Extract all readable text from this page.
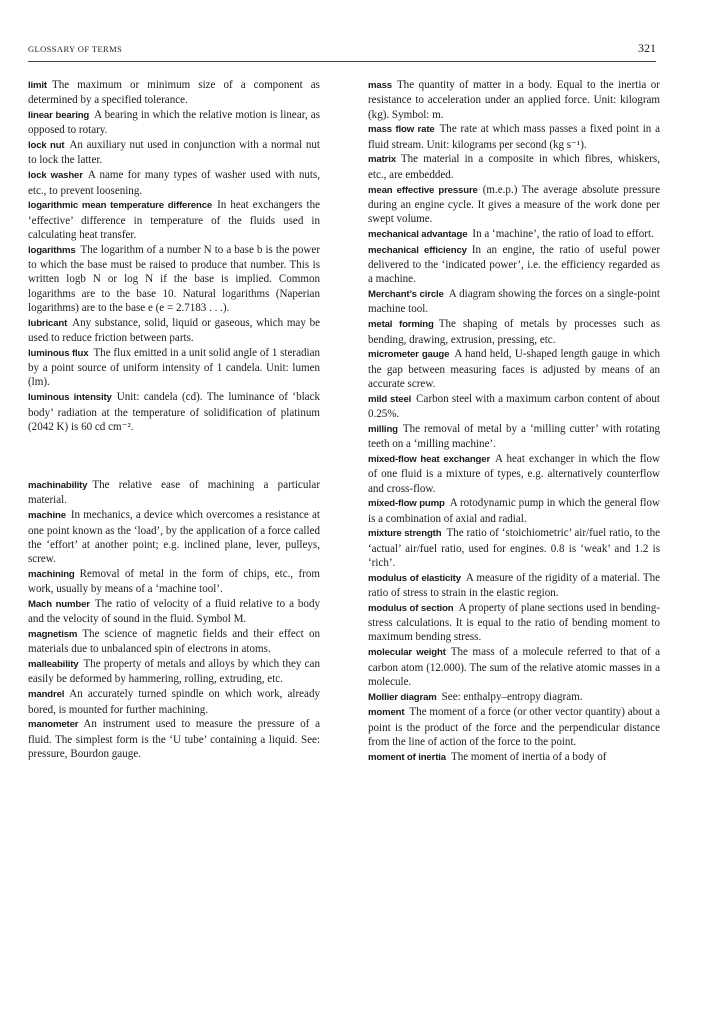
GLOSSARY OF TERMS	321

limit The maximum or minimum size of a component as determined by a specified tolerance.

linear bearing A bearing in which the relative motion is linear, as opposed to rotary.

lock nut An auxiliary nut used in conjunction with a normal nut to lock the latter.

lock washer A name for many types of washer used with nuts, etc., to prevent loosening.

logarithmic mean temperature difference In heat exchangers the ‘effective’ difference in temperature of the fluids used in calculating heat transfer.

logarithms The logarithm of a number N to a base b is the power to which the base must be raised to produce that number. This is written logb N or log N if the base is implied. Common logarithms are to the base 10. Natural logarithms (Naperian logarithms) are to the base e (e = 2.7183 . . .).

lubricant Any substance, solid, liquid or gaseous, which may be used to reduce friction between parts.

luminous flux The flux emitted in a unit solid angle of 1 steradian by a point source of uniform intensity of 1 candela. Unit: lumen (lm).

luminous intensity Unit: candela (cd). The luminance of ‘black body’ radiation at the temperature of solidification of platinum (2042 K) is 60 cd cm⁻².

machinability The relative ease of machining a particular material.

machine In mechanics, a device which overcomes a resistance at one point known as the ‘load’, by the application of a force called the ‘effort’ at another point; e.g. inclined plane, lever, pulleys, screw.

machining Removal of metal in the form of chips, etc., from work, usually by means of a ‘machine tool’.

Mach number The ratio of velocity of a fluid relative to a body and the velocity of sound in the fluid. Symbol M.

magnetism The science of magnetic fields and their effect on materials due to unbalanced spin of electrons in atoms.

malleability The property of metals and alloys by which they can easily be deformed by hammering, rolling, extruding, etc.

mandrel An accurately turned spindle on which work, already bored, is mounted for further machining.

manometer An instrument used to measure the pressure of a fluid. The simplest form is the ‘U tube’ containing a liquid. See: pressure, Bourdon gauge.

mass The quantity of matter in a body. Equal to the inertia or resistance to acceleration under an applied force. Unit: kilogram (kg). Symbol: m.

mass flow rate The rate at which mass passes a fixed point in a fluid stream. Unit: kilograms per second (kg s⁻¹).

matrix The material in a composite in which fibres, whiskers, etc., are embedded.

mean effective pressure (m.e.p.) The average absolute pressure during an engine cycle. It gives a measure of the work done per swept volume.

mechanical advantage In a ‘machine’, the ratio of load to effort.

mechanical efficiency In an engine, the ratio of useful power delivered to the ‘indicated power’, i.e. the efficiency regarded as a machine.

Merchant’s circle A diagram showing the forces on a single-point machine tool.

metal forming The shaping of metals by processes such as bending, drawing, extrusion, pressing, etc.

micrometer gauge A hand held, U-shaped length gauge in which the gap between measuring faces is adjusted by means of an accurate screw.

mild steel Carbon steel with a maximum carbon content of about 0.25%.

milling The removal of metal by a ‘milling cutter’ with rotating teeth on a ‘milling machine’.

mixed-flow heat exchanger A heat exchanger in which the flow of one fluid is a mixture of types, e.g. alternatively counterflow and cross-flow.

mixed-flow pump A rotodynamic pump in which the general flow is a combination of axial and radial.

mixture strength The ratio of ‘stoichiometric’ air/fuel ratio, to the ‘actual’ air/fuel ratio, used for engines. 0.8 is ‘weak’ and 1.2 is ‘rich’.

modulus of elasticity A measure of the rigidity of a material. The ratio of stress to strain in the elastic region.

modulus of section A property of plane sections used in bending-stress calculations. It is equal to the ratio of bending moment to maximum bending stress.

molecular weight The mass of a molecule referred to that of a carbon atom (12.000). The sum of the relative atomic masses in a molecule.

Mollier diagram See: enthalpy–entropy diagram.

moment The moment of a force (or other vector quantity) about a point is the product of the force and the perpendicular distance from the line of action of the force to the point.

moment of inertia The moment of inertia of a body of
